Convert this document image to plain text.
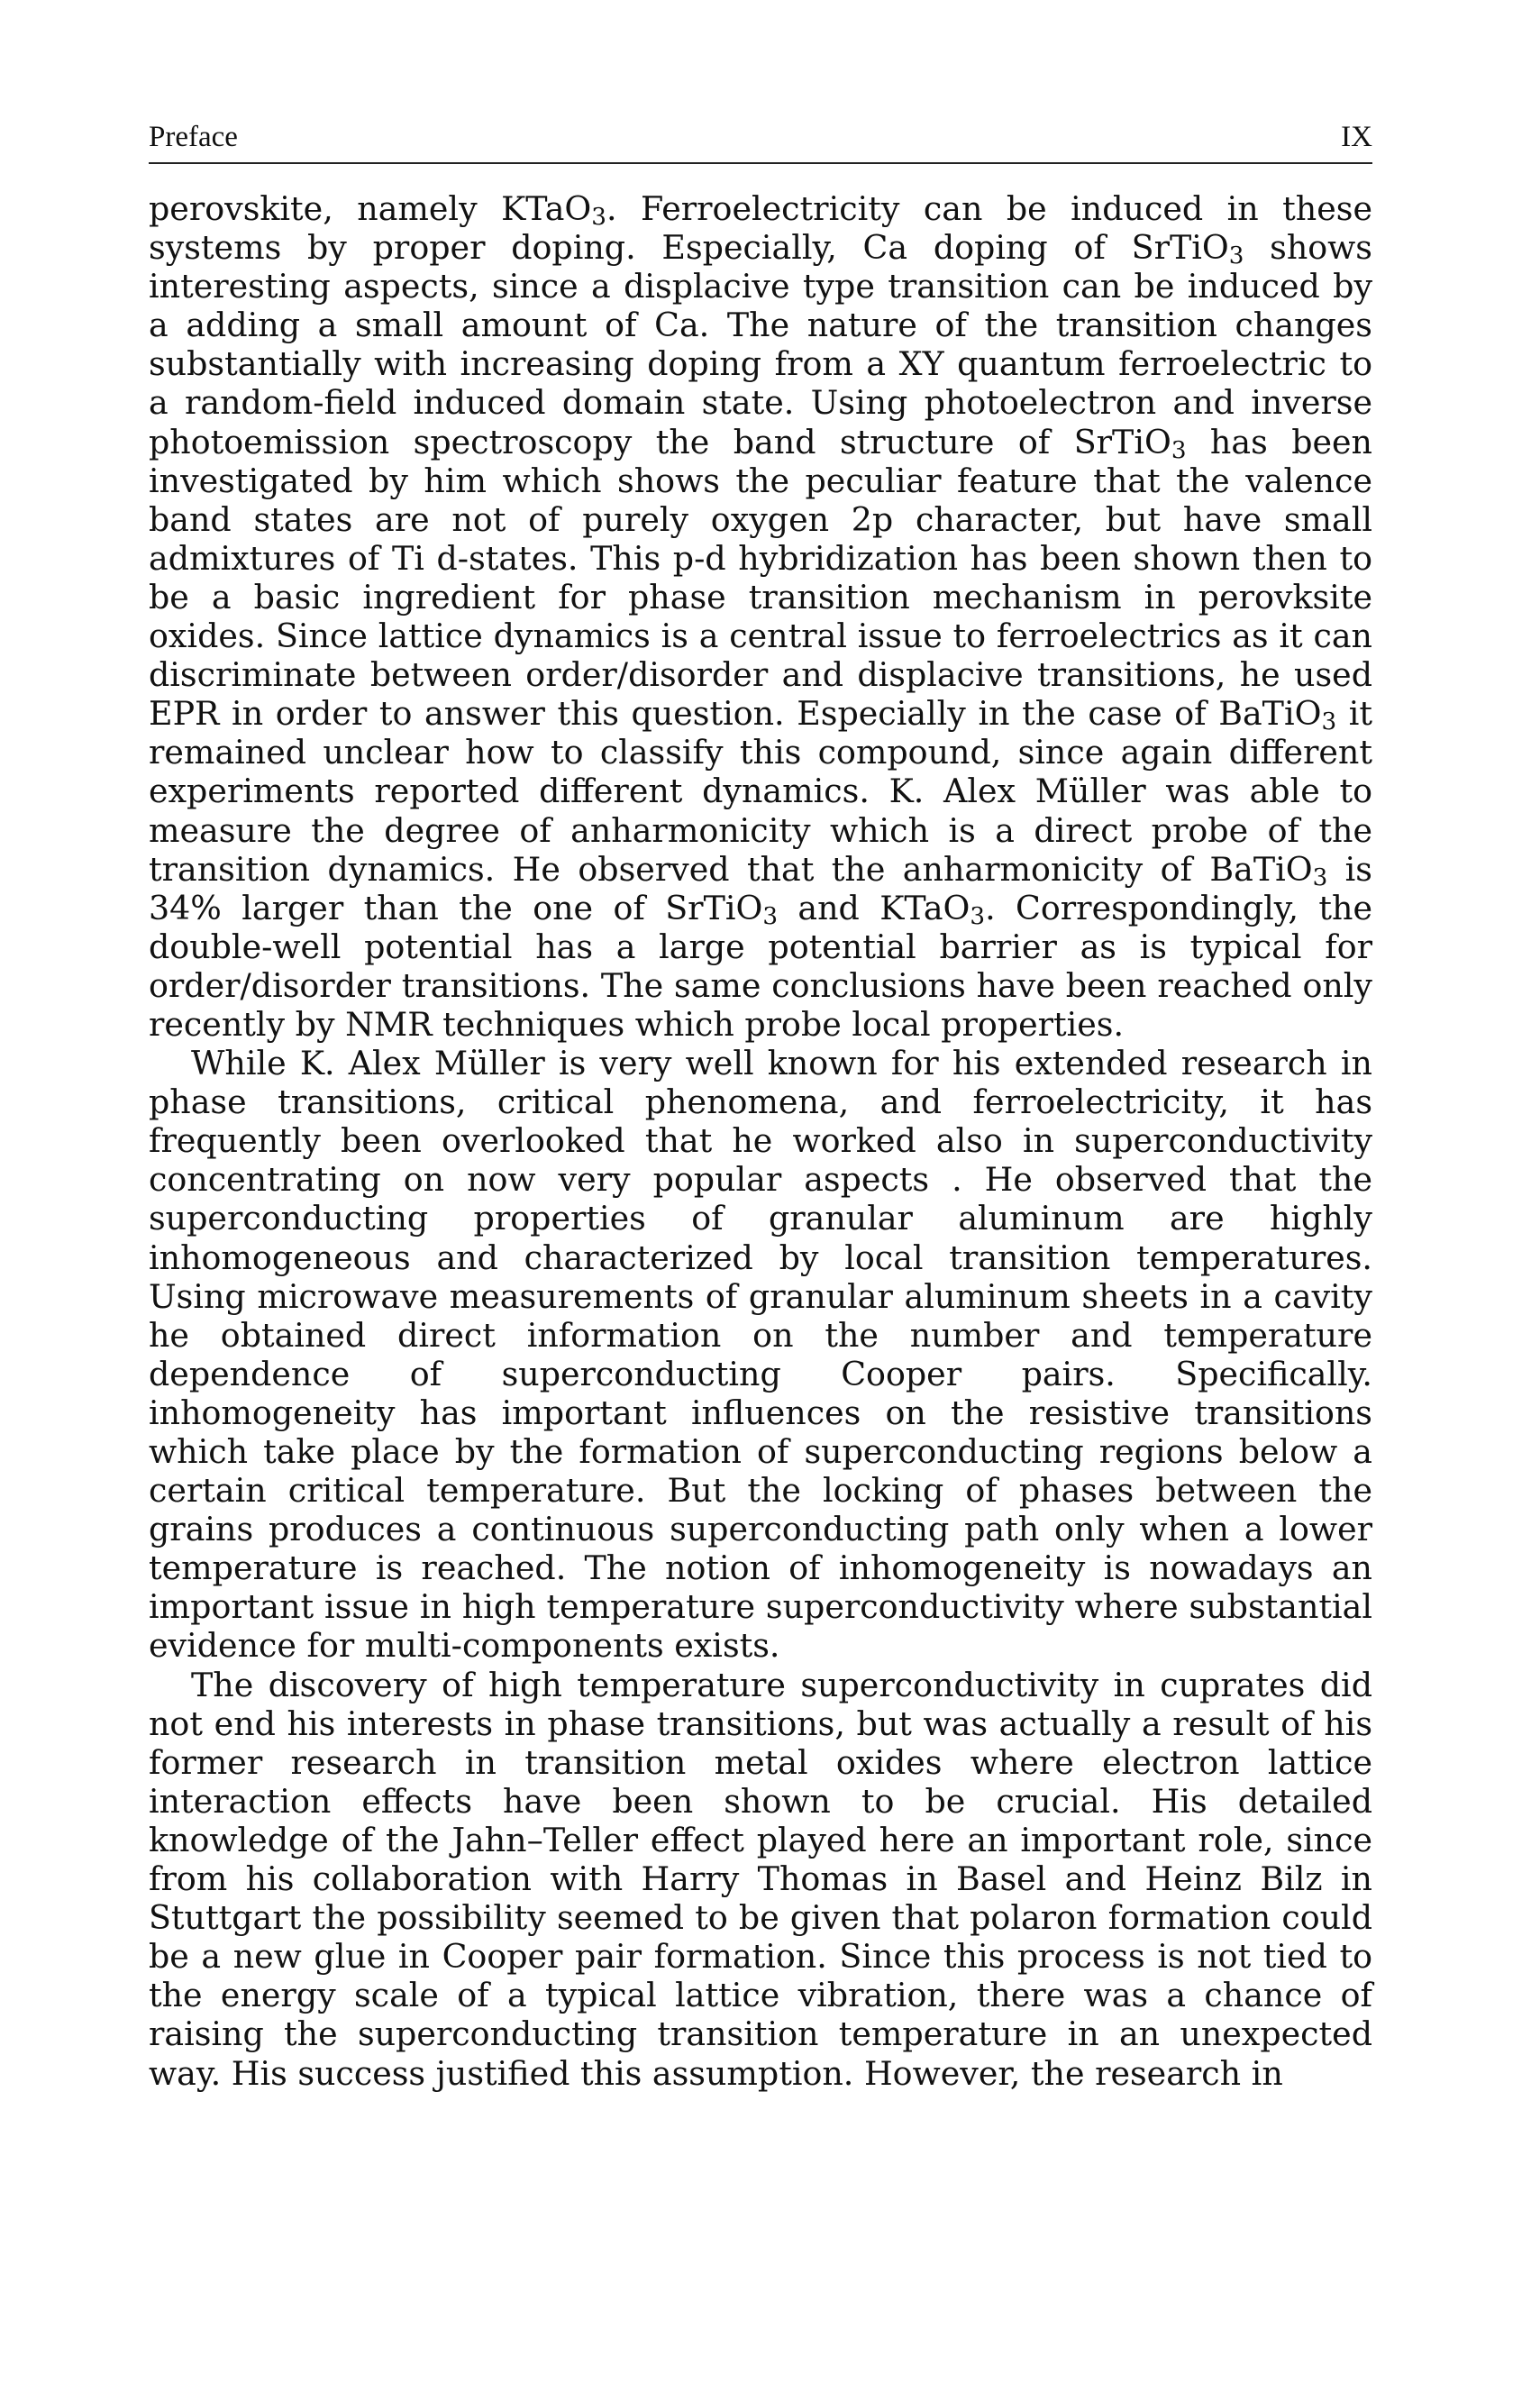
Preface	IX

perovskite, namely KTaO$_3$. Ferroelectricity can be induced in these systems by proper doping. Especially, Ca doping of SrTiO$_3$ shows interesting aspects, since a displacive type transition can be induced by a adding a small amount of Ca. The nature of the transition changes substantially with increasing doping from a XY quantum ferroelectric to a random-field induced domain state. Using photoelectron and inverse photoemission spectroscopy the band structure of SrTiO$_3$ has been investigated by him which shows the peculiar feature that the valence band states are not of purely oxygen 2p character, but have small admixtures of Ti d-states. This p-d hybridization has been shown then to be a basic ingredient for phase transition mechanism in perovksite oxides. Since lattice dynamics is a central issue to ferroelectrics as it can discriminate between order/disorder and displacive transitions, he used EPR in order to answer this question. Especially in the case of BaTiO$_3$ it remained unclear how to classify this compound, since again different experiments reported different dynamics. K. Alex Müller was able to measure the degree of anharmonicity which is a direct probe of the transition dynamics. He observed that the anharmonicity of BaTiO$_3$ is 34% larger than the one of SrTiO$_3$ and KTaO$_3$. Correspondingly, the double-well potential has a large potential barrier as is typical for order/disorder transitions. The same conclusions have been reached only recently by NMR techniques which probe local properties.

While K. Alex Müller is very well known for his extended research in phase transitions, critical phenomena, and ferroelectricity, it has frequently been overlooked that he worked also in superconductivity concentrating on now very popular aspects . He observed that the superconducting properties of granular aluminum are highly inhomogeneous and characterized by local transition temperatures. Using microwave measurements of granular aluminum sheets in a cavity he obtained direct information on the number and temperature dependence of superconducting Cooper pairs. Specifically. inhomogeneity has important influences on the resistive transitions which take place by the formation of superconducting regions below a certain critical temperature. But the locking of phases between the grains produces a continuous superconducting path only when a lower temperature is reached. The notion of inhomogeneity is nowadays an important issue in high temperature superconductivity where substantial evidence for multi-components exists.

The discovery of high temperature superconductivity in cuprates did not end his interests in phase transitions, but was actually a result of his former research in transition metal oxides where electron lattice interaction effects have been shown to be crucial. His detailed knowledge of the Jahn–Teller effect played here an important role, since from his collaboration with Harry Thomas in Basel and Heinz Bilz in Stuttgart the possibility seemed to be given that polaron formation could be a new glue in Cooper pair formation. Since this process is not tied to the energy scale of a typical lattice vibration, there was a chance of raising the superconducting transition temperature in an unexpected way. His success justified this assumption. However, the research in
